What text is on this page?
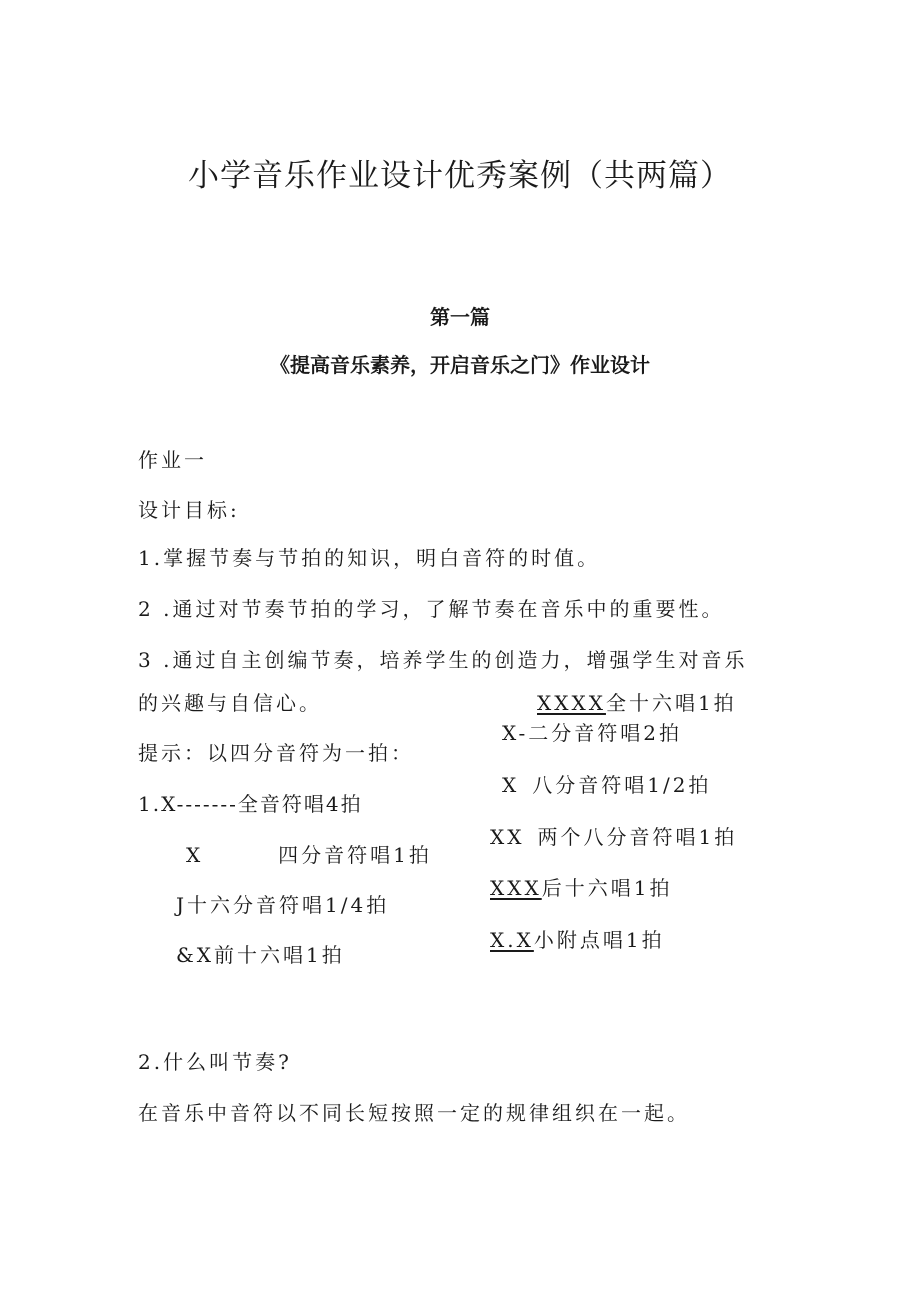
小学音乐作业设计优秀案例（共两篇）
第一篇
《提高音乐素养，开启音乐之门》作业设计
作业一
设计目标:
1.掌握节奏与节拍的知识，明白音符的时值。
2 .通过对节奏节拍的学习，了解节奏在音乐中的重要性。
3 .通过自主创编节奏，培养学生的创造力，增强学生对音乐
的兴趣与自信心。
提示：以四分音符为一拍：
1.X-------全音符唱4拍
X        四分音符唱1拍
J十六分音符唱1/4拍
&X前十六唱1拍
XXXX全十六唱1拍
X-二分音符唱2拍
X  八分音符唱1/2拍
XX  两个八分音符唱1拍
XXX后十六唱1拍
X.X小附点唱1拍
2.什么叫节奏?
在音乐中音符以不同长短按照一定的规律组织在一起。
